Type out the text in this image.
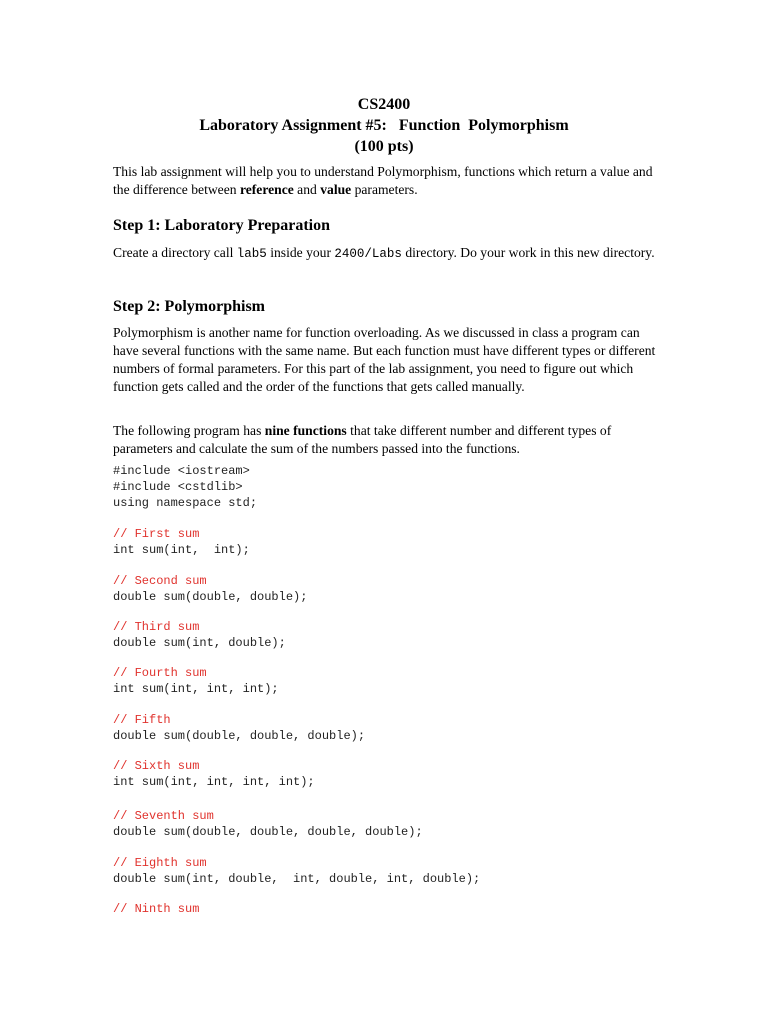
CS2400
Laboratory Assignment #5:   Function  Polymorphism
(100 pts)

This lab assignment will help you to understand Polymorphism, functions which return a value and the difference between reference and value parameters.

Step 1: Laboratory Preparation

Create a directory call lab5 inside your 2400/Labs directory. Do your work in this new directory.

Step 2: Polymorphism

Polymorphism is another name for function overloading. As we discussed in class a program can have several functions with the same name. But each function must have different types or different numbers of formal parameters. For this part of the lab assignment, you need to figure out which function gets called and the order of the functions that gets called manually.

The following program has nine functions that take different number and different types of parameters and calculate the sum of the numbers passed into the functions.

#include <iostream>
#include <cstdlib>
using namespace std;
// First sum
int sum(int,  int);
// Second sum
double sum(double, double);
// Third sum
double sum(int, double);
// Fourth sum
int sum(int, int, int);
// Fifth
double sum(double, double, double);
// Sixth sum
int sum(int, int, int, int);
// Seventh sum
double sum(double, double, double, double);
// Eighth sum
double sum(int, double,  int, double, int, double);
// Ninth sum
